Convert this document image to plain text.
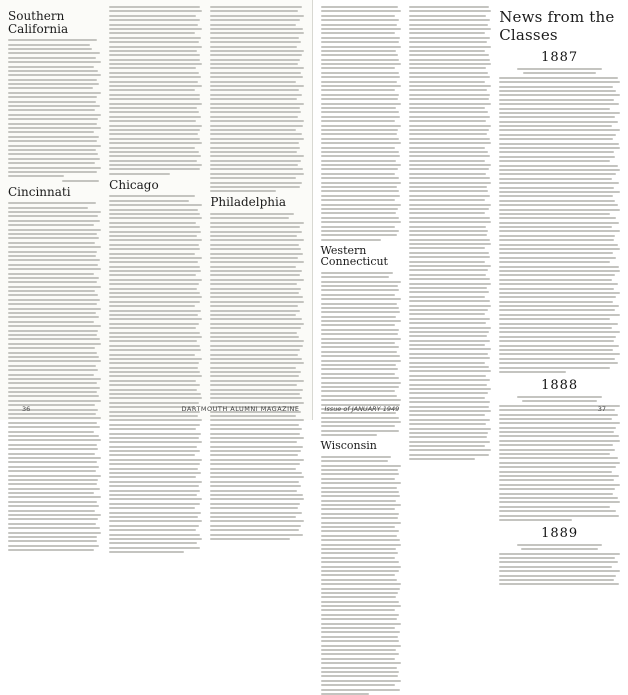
Southern California
Cincinnati	Chicago
Philadelphia
36	DARTMOUTH ALUMNI MAGAZINE
Western Connecticut
Wisconsin
News from the Classes
1887
1888
1889
Issue of JANUARY 1949	37
